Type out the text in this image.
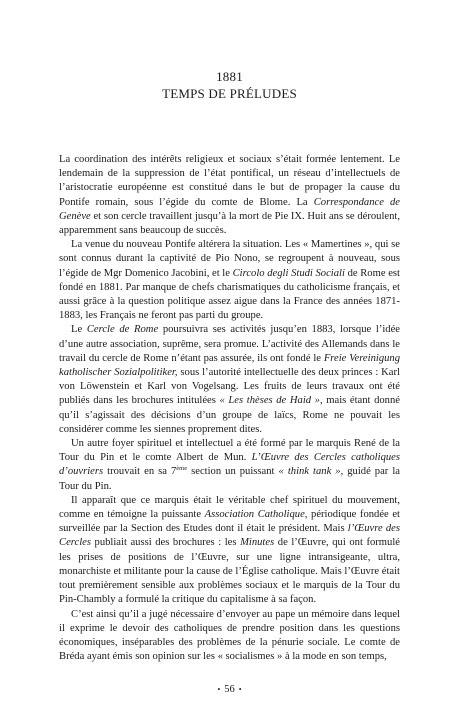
1881
TEMPS DE PRÉLUDES

La coordination des intérêts religieux et sociaux s’était formée lentement. Le lendemain de la suppression de l’état pontifical, un réseau d’intellectuels de l’aristocratie européenne est constitué dans le but de propager la cause du Pontife romain, sous l’égide du comte de Blome. La Correspondance de Genève et son cercle travaillent jusqu’à la mort de Pie IX. Huit ans se déroulent, apparemment sans beaucoup de succès.

La venue du nouveau Pontife altérera la situation. Les « Mamertines », qui se sont connus durant la captivité de Pio Nono, se regroupent à nouveau, sous l’égide de Mgr Domenico Jacobini, et le Circolo degli Studi Sociali de Rome est fondé en 1881. Par manque de chefs charismatiques du catholicisme français, et aussi grâce à la question politique assez aigue dans la France des années 1871-1883, les Français ne feront pas parti du groupe.

Le Cercle de Rome poursuivra ses activités jusqu’en 1883, lorsque l’idée d’une autre association, suprême, sera promue. L’activité des Allemands dans le travail du cercle de Rome n’étant pas assurée, ils ont fondé le Freie Vereinigung katholischer Sozialpolitiker, sous l’autorité intellectuelle des deux princes : Karl von Löwenstein et Karl von Vogelsang. Les fruits de leurs travaux ont été publiés dans les brochures intitulées « Les thèses de Haid », mais étant donné qu’il s’agissait des décisions d’un groupe de laïcs, Rome ne pouvait les considérer comme les siennes proprement dites.

Un autre foyer spirituel et intellectuel a été formé par le marquis René de la Tour du Pin et le comte Albert de Mun. L’Œuvre des Cercles catholiques d’ouvriers trouvait en sa 7ème section un puissant « think tank », guidé par la Tour du Pin.

Il apparaît que ce marquis était le véritable chef spirituel du mouvement, comme en témoigne la puissante Association Catholique, périodique fondée et surveillée par la Section des Etudes dont il était le président. Mais l’Œuvre des Cercles publiait aussi des brochures : les Minutes de l’Œuvre, qui ont formulé les prises de positions de l’Œuvre, sur une ligne intransigeante, ultra, monarchiste et militante pour la cause de l’Église catholique. Mais l’Œuvre était tout premièrement sensible aux problèmes sociaux et le marquis de la Tour du Pin-Chambly a formulé la critique du capitalisme à sa façon.

C’est ainsi qu’il a jugé nécessaire d’envoyer au pape un mémoire dans lequel il exprime le devoir des catholiques de prendre position dans les questions économiques, inséparables des problèmes de la pénurie sociale. Le comte de Bréda ayant émis son opinion sur les « socialismes » à la mode en son temps,

• 56 •
